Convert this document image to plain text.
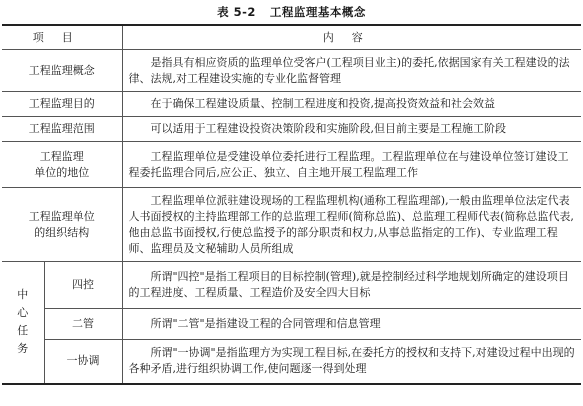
表 5-2 工程监理基本概念
项目		内容
工程监理概念		是指具有相应资质的监理单位受客户(工程项目业主)的委托,依据国家有关工程建设的法律、法规,对工程建设实施的专业化监督管理
工程监理目的		在于确保工程建设质量、控制工程进度和投资,提高投资效益和社会效益
工程监理范围		可以适用于工程建设投资决策阶段和实施阶段,但目前主要是工程施工阶段

工程监理
单位的地位		工程监理单位是受建设单位委托进行工程监理。工程监理单位在与建设单位签订建设工程委托监理合同后,应公正、独立、自主地开展工程监理工作

工程监理单位
的组织结构		工程监理单位派驻建设现场的工程监理机构(通称工程监理部),一般由监理单位法定代表人书面授权的主持监理部工作的总监理工程师(简称总监)、总监理工程师代表(简称总监代表,他由总监书面授权,行使总监授予的部分职责和权力,从事总监指定的工作)、专业监理工程师、监理员及文秘辅助人员所组成

中
心
任
务	四控	所谓"四控"是指工程项目的目标控制(管理),就是控制经过科学地规划所确定的建设项目的工程进度、工程质量、工程造价及安全四大目标
	二管	所谓"二管"是指建设工程的合同管理和信息管理
	一协调	所谓"一协调"是指监理方为实现工程目标,在委托方的授权和支持下,对建设过程中出现的各种矛盾,进行组织协调工作,使问题逐一得到处理
